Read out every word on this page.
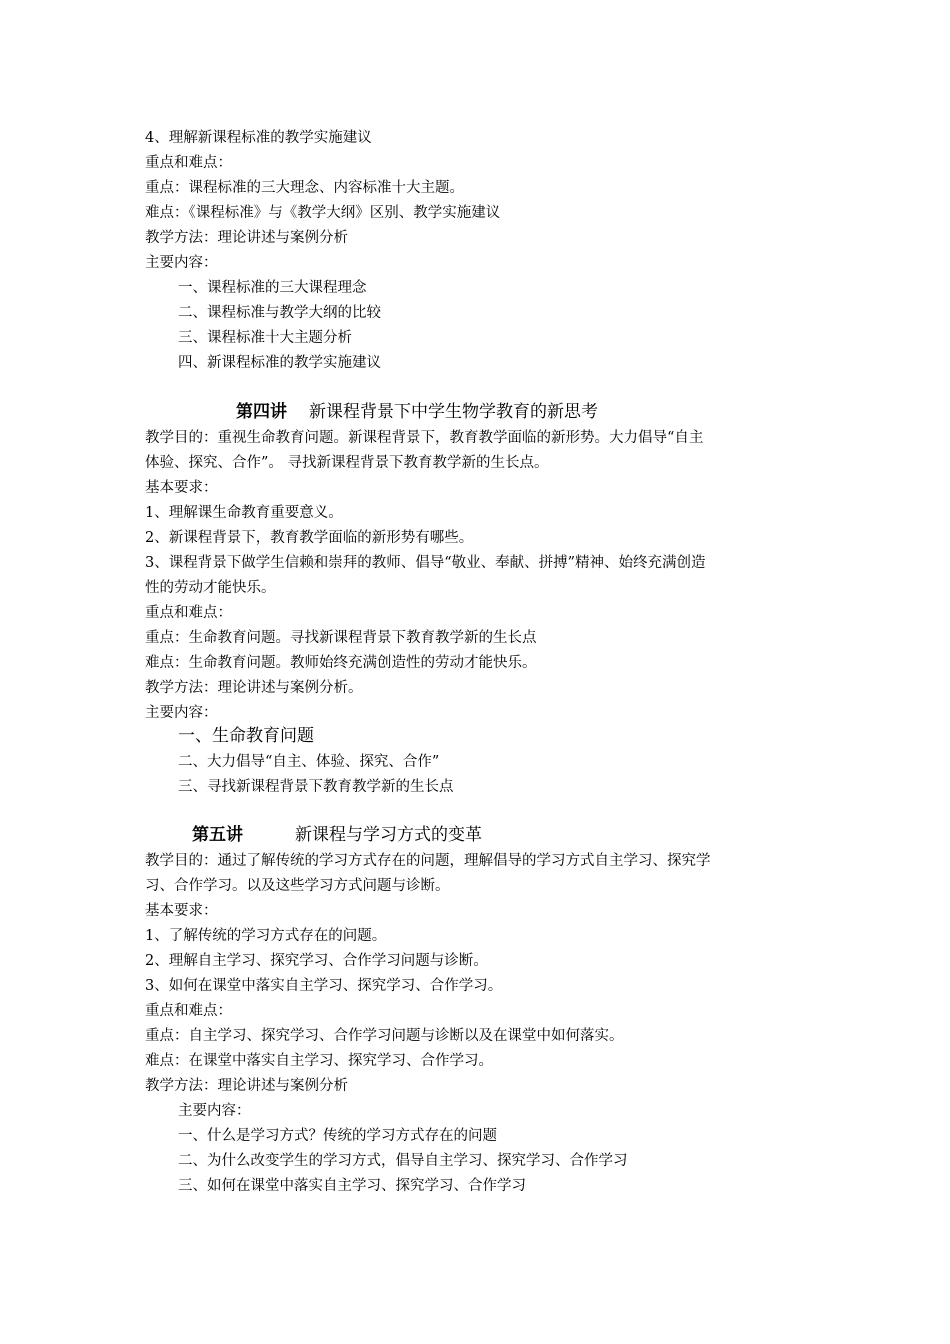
4、理解新课程标准的教学实施建议
重点和难点：
重点：课程标准的三大理念、内容标准十大主题。
难点：《课程标准》与《教学大纲》区别、教学实施建议
教学方法：理论讲述与案例分析
主要内容：
一、课程标准的三大课程理念
二、课程标准与教学大纲的比较
三、课程标准十大主题分析
四、新课程标准的教学实施建议
第四讲 新课程背景下中学生物学教育的新思考
教学目的：重视生命教育问题。新课程背景下，教育教学面临的新形势。大力倡导“自主
体验、探究、合作”。 寻找新课程背景下教育教学新的生长点。
基本要求：
1、理解课生命教育重要意义。
2、新课程背景下，教育教学面临的新形势有哪些。
3、课程背景下做学生信赖和崇拜的教师、倡导“敬业、奉献、拼搏”精神、始终充满创造
性的劳动才能快乐。
重点和难点：
重点：生命教育问题。寻找新课程背景下教育教学新的生长点
难点：生命教育问题。教师始终充满创造性的劳动才能快乐。
教学方法：理论讲述与案例分析。
主要内容：
一、生命教育问题
二、大力倡导“自主、体验、探究、合作”
三、寻找新课程背景下教育教学新的生长点
第五讲	新课程与学习方式的变革
教学目的：通过了解传统的学习方式存在的问题，理解倡导的学习方式自主学习、探究学
习、合作学习。以及这些学习方式问题与诊断。
基本要求：
1、了解传统的学习方式存在的问题。
2、理解自主学习、探究学习、合作学习问题与诊断。
3、如何在课堂中落实自主学习、探究学习、合作学习。
重点和难点：
重点：自主学习、探究学习、合作学习问题与诊断以及在课堂中如何落实。
难点：在课堂中落实自主学习、探究学习、合作学习。
教学方法：理论讲述与案例分析
主要内容：
一、什么是学习方式？传统的学习方式存在的问题
二、为什么改变学生的学习方式，倡导自主学习、探究学习、合作学习
三、如何在课堂中落实自主学习、探究学习、合作学习
